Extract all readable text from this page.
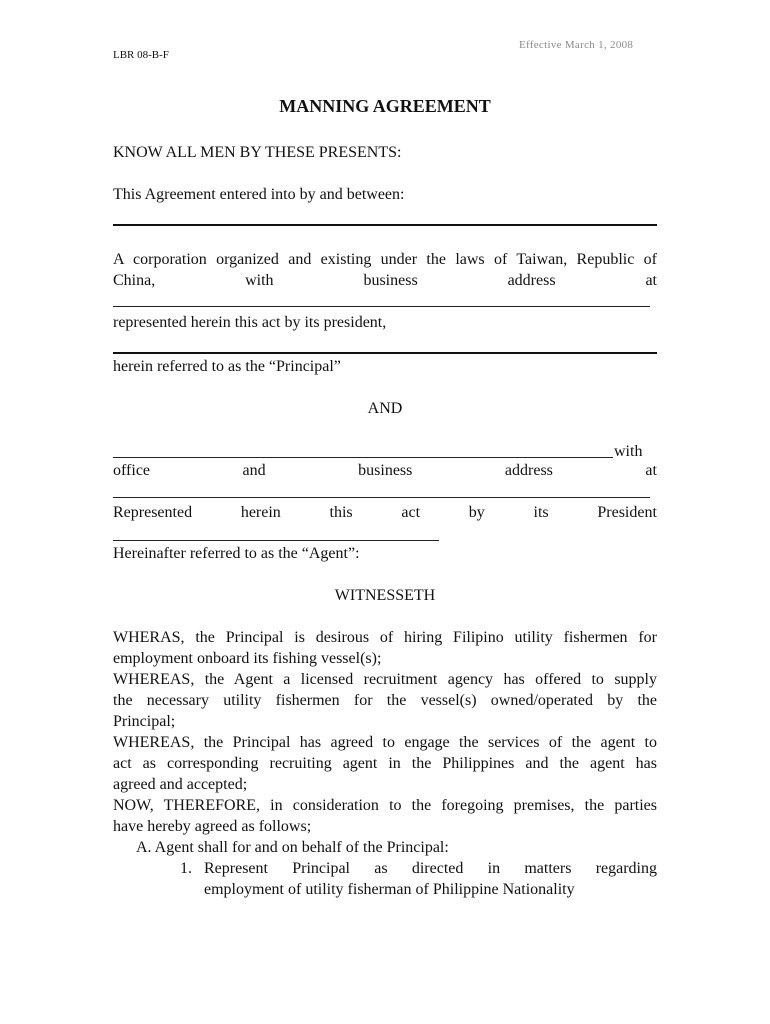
Effective March 1, 2008

LBR 08-B-F

MANNING AGREEMENT

KNOW ALL MEN BY THESE PRESENTS:

This Agreement entered into by and between:

A corporation organized and existing under the laws of Taiwan, Republic of

China,	with	business	address	at

represented herein this act by its president,

herein referred to as the “Principal”

AND

with
office	and	business	address	at
Represented	herein	this	act	by	its	President

Hereinafter referred to as the “Agent”:

WITNESSETH

WHERAS, the Principal is desirous of hiring Filipino utility fishermen for

employment onboard its fishing vessel(s);

WHEREAS, the Agent a licensed recruitment agency has offered to supply

the necessary utility fishermen for the vessel(s) owned/operated by the

Principal;

WHEREAS, the Principal has agreed to engage the services of the agent to

act as corresponding recruiting agent in the Philippines and the agent has

agreed and accepted;

NOW, THEREFORE, in consideration to the foregoing premises, the parties

have hereby agreed as follows;

A. Agent shall for and on behalf of the Principal:

1. Represent Principal as directed in matters regarding

employment of utility fisherman of Philippine Nationality
